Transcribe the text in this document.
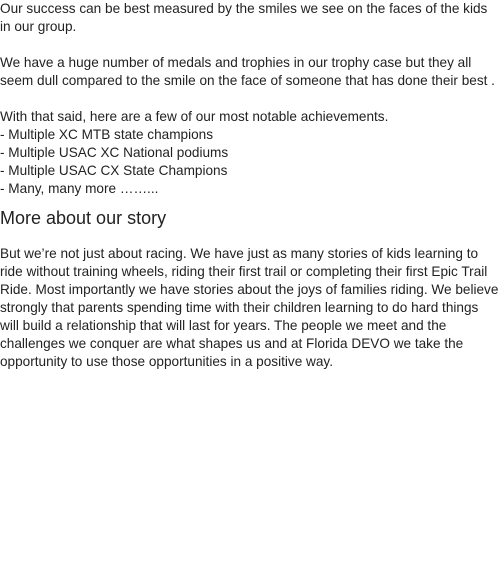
Our success can be best measured by the smiles we see on the faces of the kids in our group.

We have a huge number of medals and trophies in our trophy case but they all seem dull compared to the smile on the face of someone that has done their best .

With that said, here are a few of our most notable achievements.
- Multiple XC MTB state champions
- Multiple USAC XC National podiums
- Multiple USAC CX State Champions
- Many, many more ……...

More about our story

But we’re not just about racing. We have just as many stories of kids learning to ride without training wheels, riding their first trail or completing their first Epic Trail Ride. Most importantly we have stories about the joys of families riding. We believe strongly that parents spending time with their children learning to do hard things will build a relationship that will last for years. The people we meet and the challenges we conquer are what shapes us and at Florida DEVO we take the opportunity to use those opportunities in a positive way.
